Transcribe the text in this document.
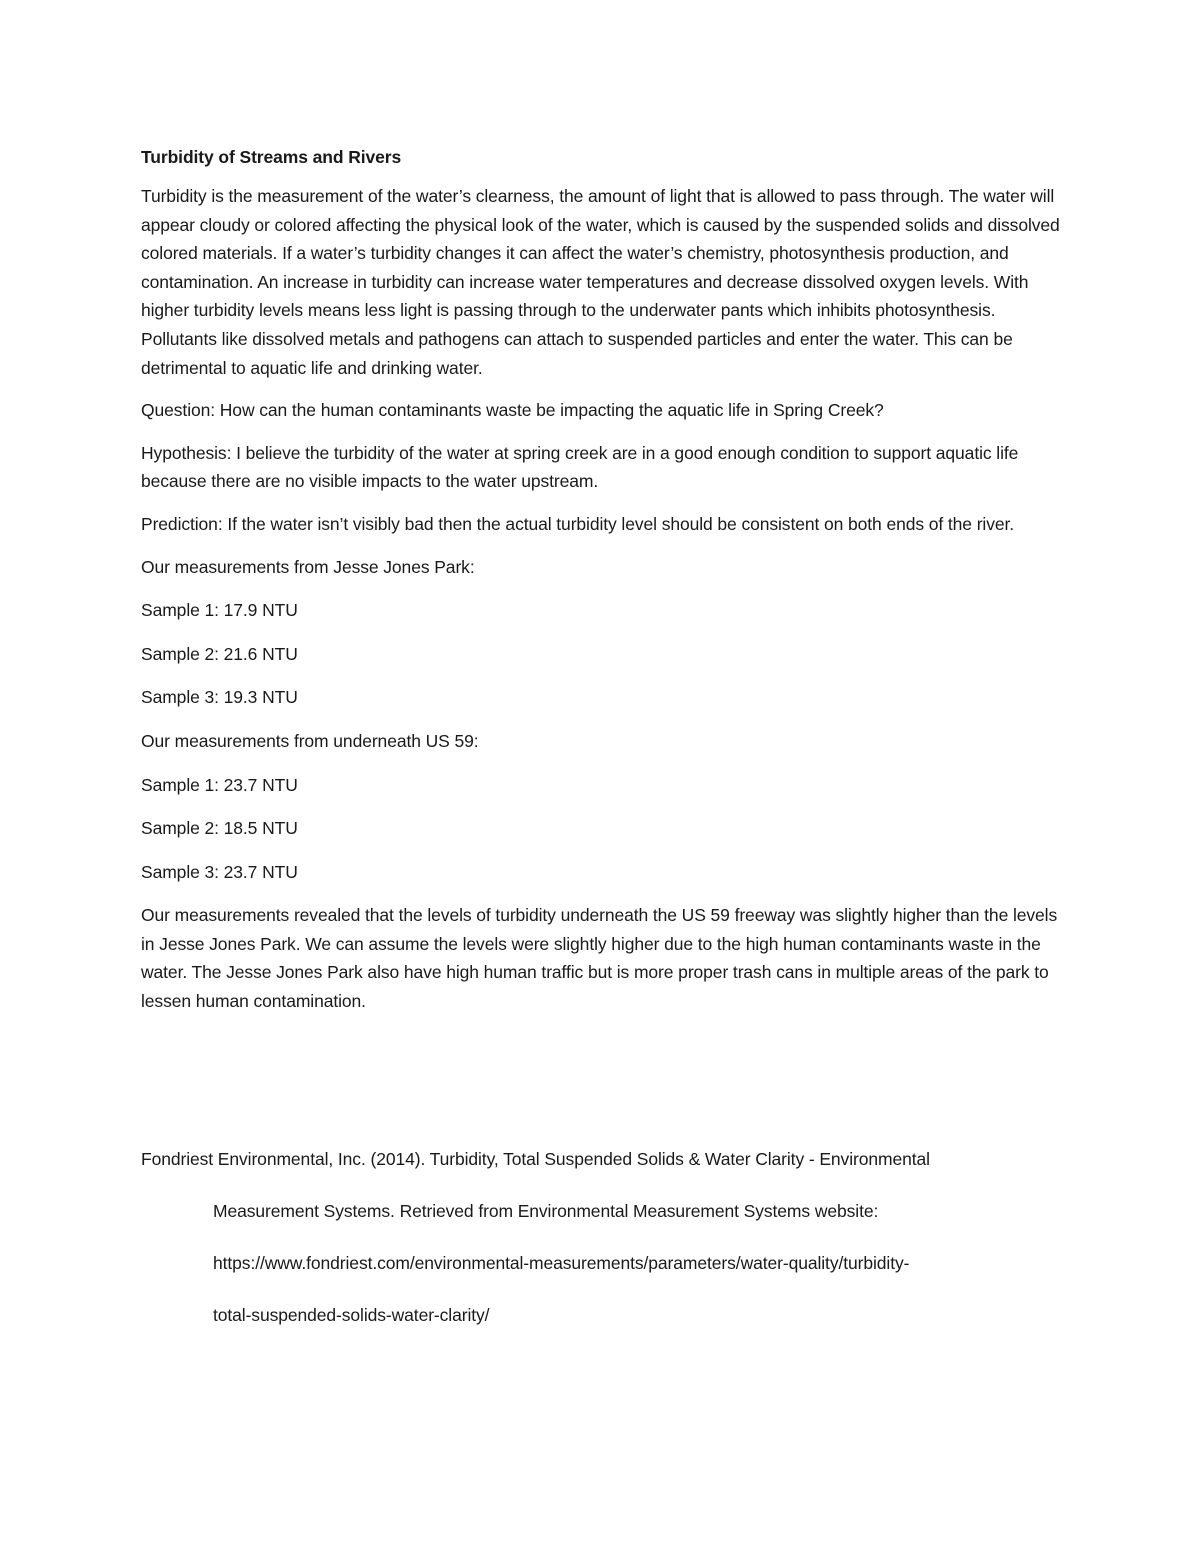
Turbidity of Streams and Rivers

Turbidity is the measurement of the water’s clearness, the amount of light that is allowed to pass through. The water will appear cloudy or colored affecting the physical look of the water, which is caused by the suspended solids and dissolved colored materials. If a water’s turbidity changes it can affect the water’s chemistry, photosynthesis production, and contamination. An increase in turbidity can increase water temperatures and decrease dissolved oxygen levels. With higher turbidity levels means less light is passing through to the underwater pants which inhibits photosynthesis. Pollutants like dissolved metals and pathogens can attach to suspended particles and enter the water. This can be detrimental to aquatic life and drinking water.

Question: How can the human contaminants waste be impacting the aquatic life in Spring Creek?

Hypothesis: I believe the turbidity of the water at spring creek are in a good enough condition to support aquatic life because there are no visible impacts to the water upstream.

Prediction: If the water isn’t visibly bad then the actual turbidity level should be consistent on both ends of the river.

Our measurements from Jesse Jones Park:

Sample 1: 17.9 NTU

Sample 2: 21.6 NTU

Sample 3: 19.3 NTU

Our measurements from underneath US 59:

Sample 1: 23.7 NTU

Sample 2: 18.5 NTU

Sample 3: 23.7 NTU

Our measurements revealed that the levels of turbidity underneath the US 59 freeway was slightly higher than the levels in Jesse Jones Park. We can assume the levels were slightly higher due to the high human contaminants waste in the water. The Jesse Jones Park also have high human traffic but is more proper trash cans in multiple areas of the park to lessen human contamination.

Fondriest Environmental, Inc. (2014). Turbidity, Total Suspended Solids & Water Clarity - Environmental
Measurement Systems. Retrieved from Environmental Measurement Systems website:
https://www.fondriest.com/environmental-measurements/parameters/water-quality/turbidity-
total-suspended-solids-water-clarity/
